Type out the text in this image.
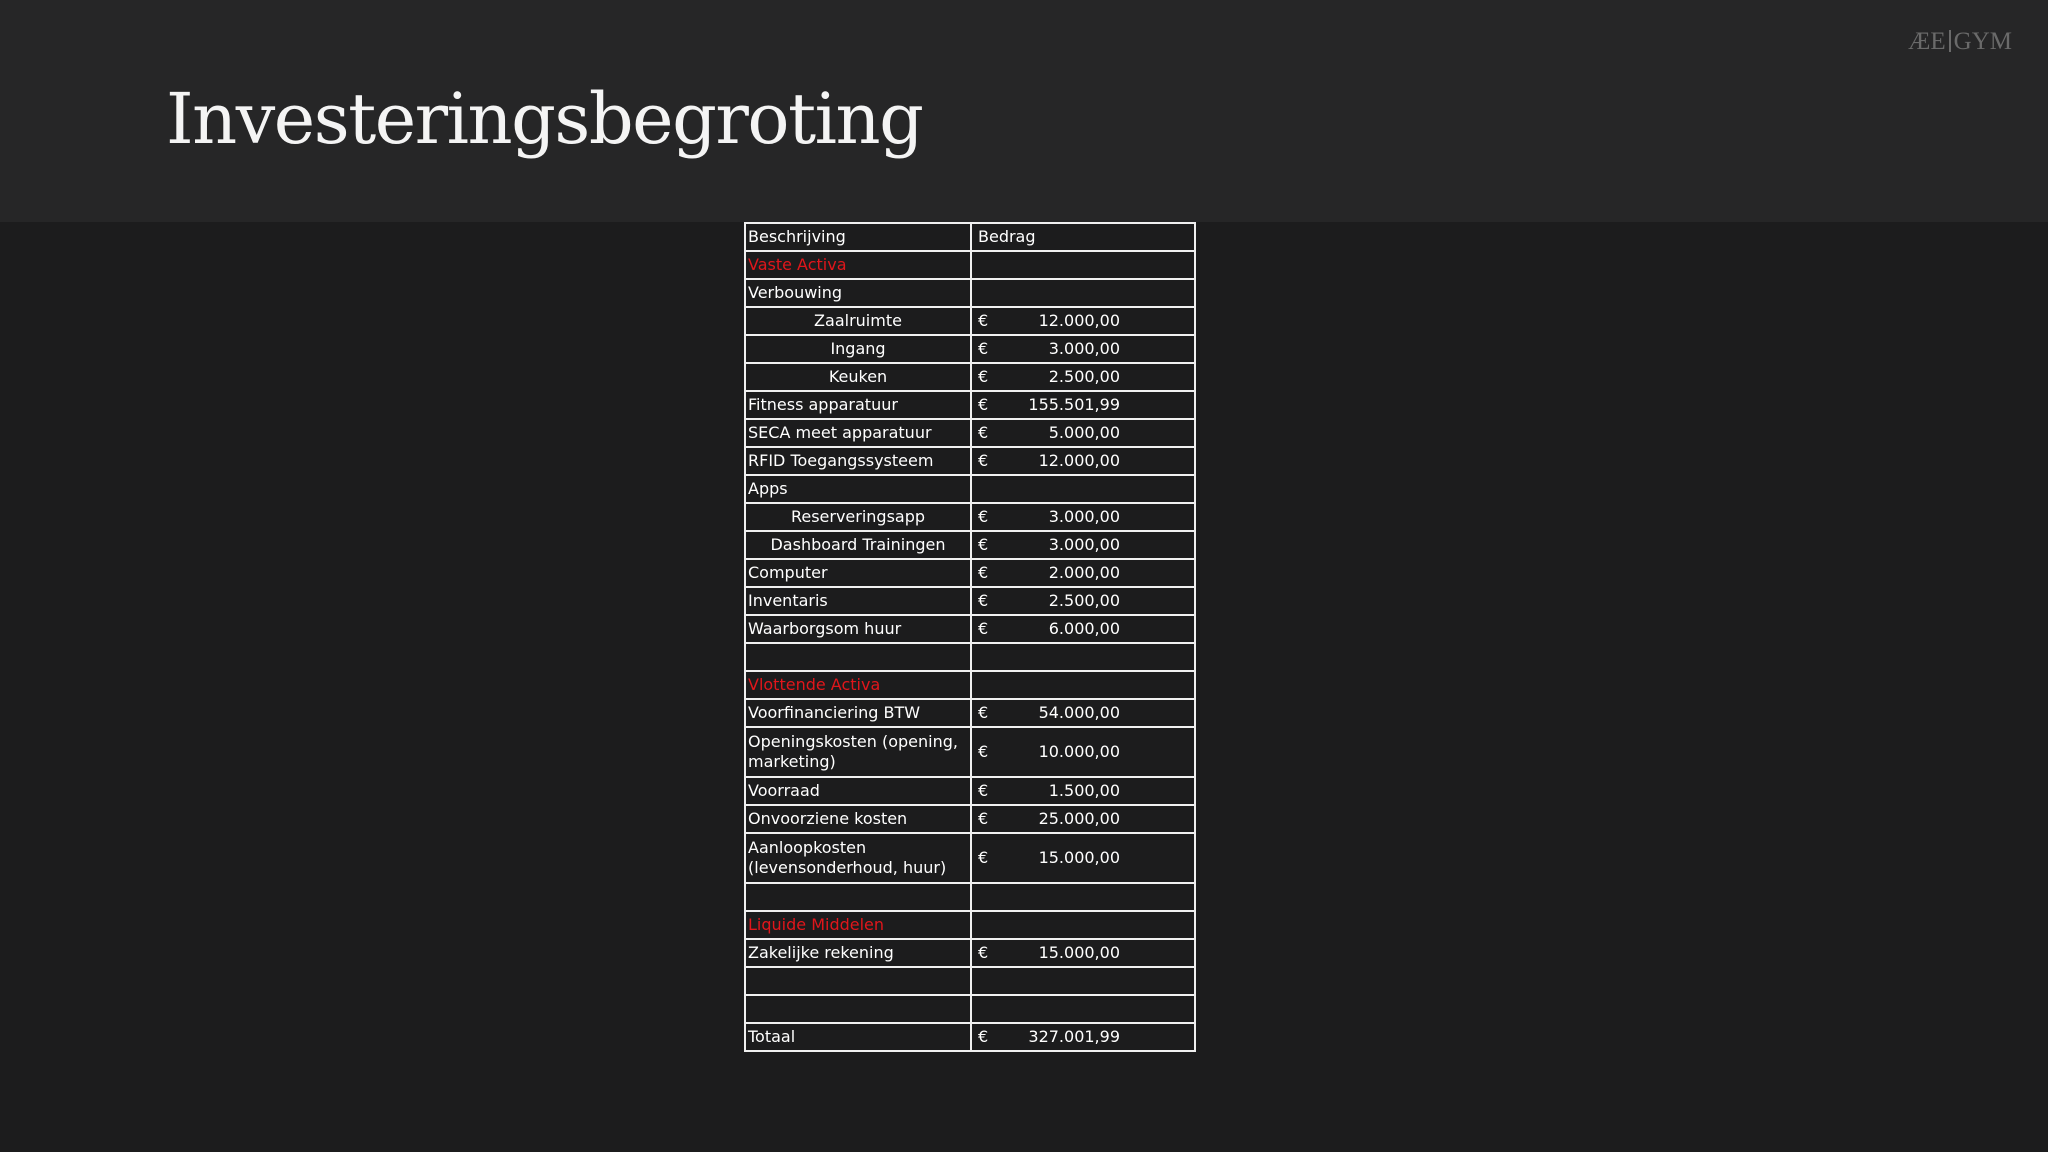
Investeringsbegroting
ÆE GYM
Beschrijving	Bedrag

Vaste Activa	
Verbouwing	
Zaalruimte	€ 12.000,00

Ingang	€ 3.000,00

Keuken	€ 2.500,00

Fitness apparatuur	€ 155.501,99

SECA meet apparatuur	€ 5.000,00

RFID Toegangssysteem	€ 12.000,00

Apps	
Reserveringsapp	€ 3.000,00

Dashboard Trainingen	€ 3.000,00

Computer	€ 2.000,00

Inventaris	€ 2.500,00

Waarborgsom huur	€ 6.000,00

Vlottende Activa	
Voorfinanciering BTW	€ 54.000,00

Openingskosten (opening, marketing)	€ 10.000,00

Voorraad	€ 1.500,00

Onvoorziene kosten	€ 25.000,00

Aanloopkosten (levensonderhoud, huur)	€ 15.000,00

Liquide Middelen	
Zakelijke rekening	€ 15.000,00

Totaal	€ 327.001,99
